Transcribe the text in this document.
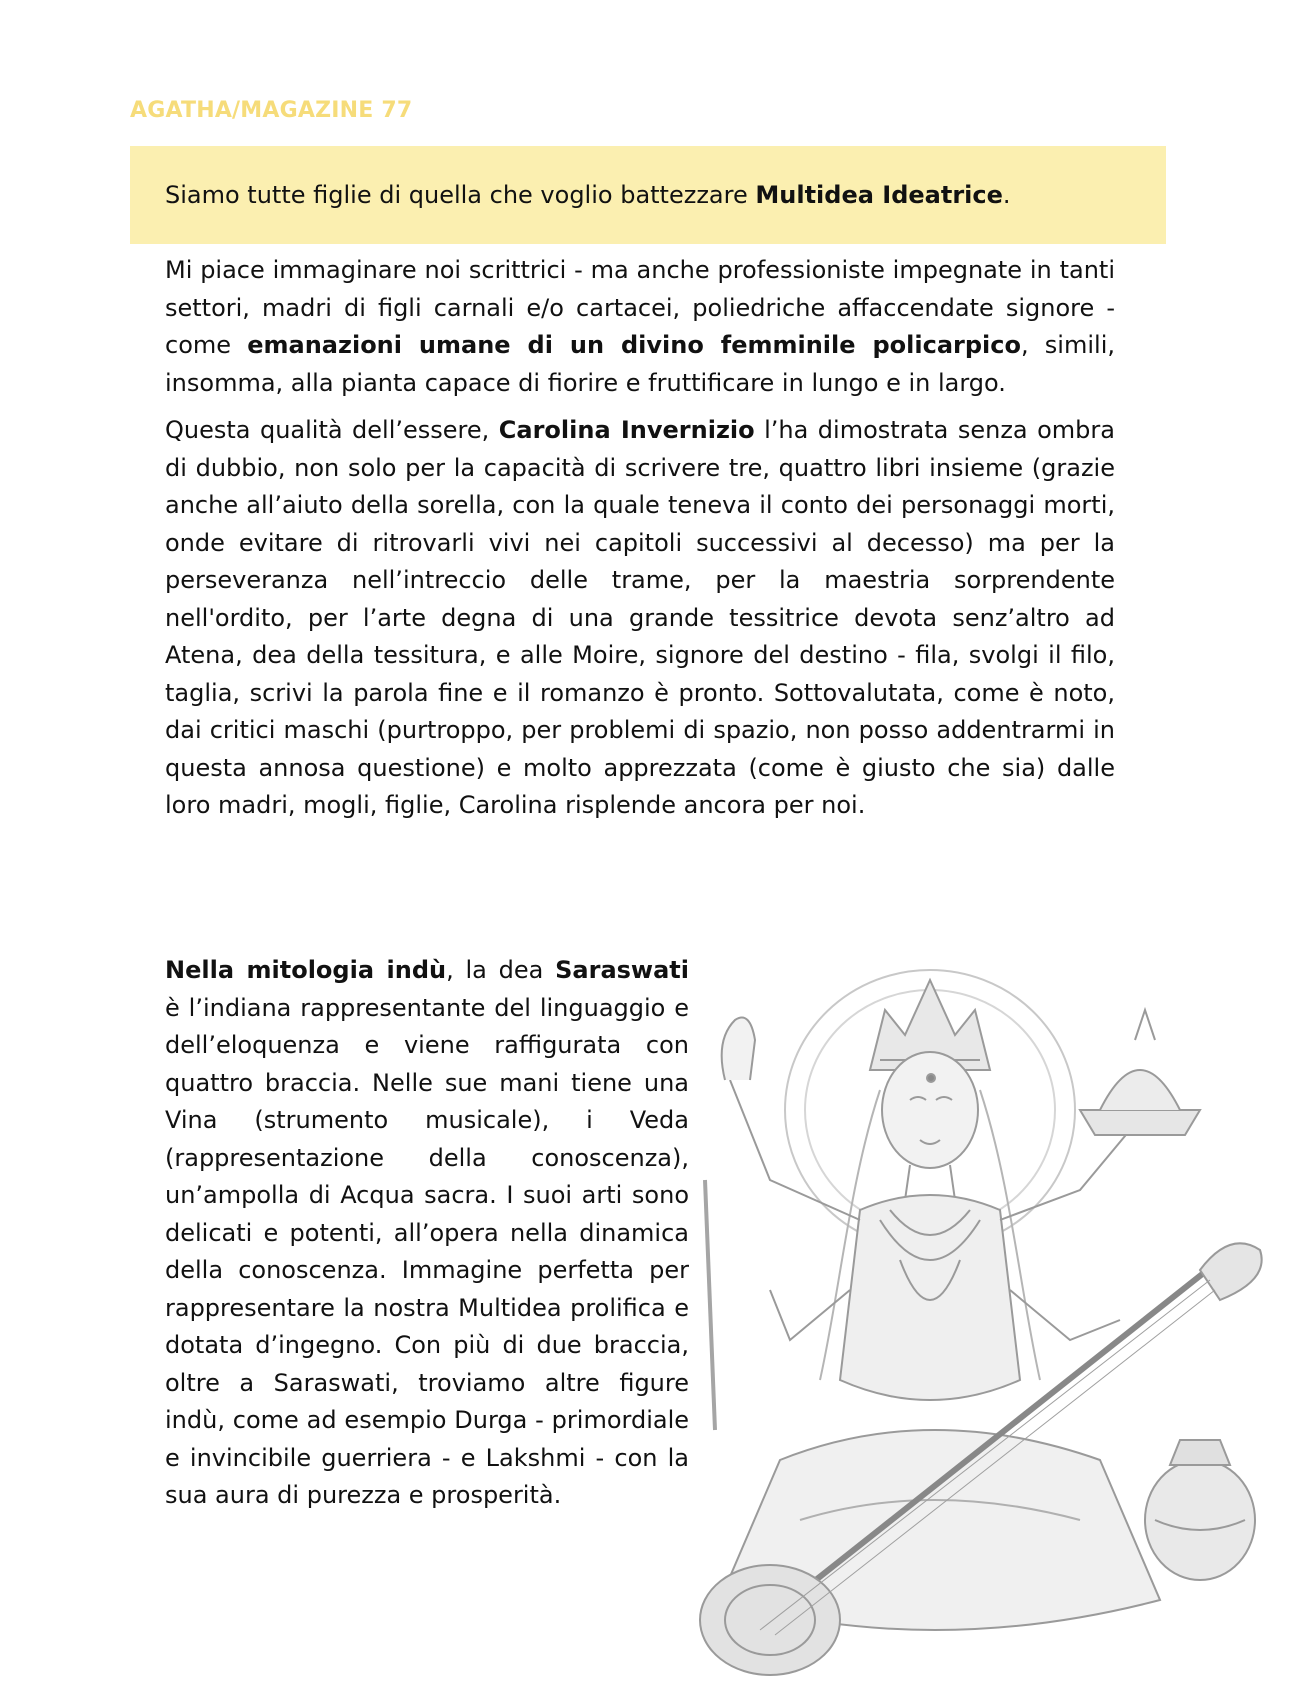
AGATHA/MAGAZINE 77

Siamo tutte figlie di quella che voglio battezzare Multidea Ideatrice.

Mi piace immaginare noi scrittrici - ma anche professioniste impegnate in tanti settori, madri di figli carnali e/o cartacei, poliedriche affaccendate signore - come emanazioni umane di un divino femminile policarpico, simili, insomma, alla pianta capace di fiorire e fruttificare in lungo e in largo.

Questa qualità dell’essere, Carolina Invernizio l’ha dimostrata senza ombra di dubbio, non solo per la capacità di scrivere tre, quattro libri insieme (grazie anche all’aiuto della sorella, con la quale teneva il conto dei personaggi morti, onde evitare di ritrovarli vivi nei capitoli successivi al decesso) ma per la perseveranza nell’intreccio delle trame, per la maestria sorprendente nell'ordito, per l’arte degna di una grande tessitrice devota senz’altro ad Atena, dea della tessitura, e alle Moire, signore del destino - fila, svolgi il filo, taglia, scrivi la parola fine e il romanzo è pronto. Sottovalutata, come è noto, dai critici maschi (purtroppo, per problemi di spazio, non posso addentrarmi in questa annosa questione) e molto apprezzata (come è giusto che sia) dalle loro madri, mogli, figlie, Carolina risplende ancora per noi.

Nella mitologia indù, la dea Saraswati è l’indiana rappresentante del linguaggio e dell’eloquenza e viene raffigurata con quattro braccia. Nelle sue mani tiene una Vina (strumento musicale), i Veda (rappresentazione della conoscenza), un’ampolla di Acqua sacra. I suoi arti sono delicati e potenti, all’opera nella dinamica della conoscenza. Immagine perfetta per rappresentare la nostra Multidea prolifica e dotata d’ingegno. Con più di due braccia, oltre a Saraswati, troviamo altre figure indù, come ad esempio Durga - primordiale e invincibile guerriera - e Lakshmi - con la sua aura di purezza e prosperità.
